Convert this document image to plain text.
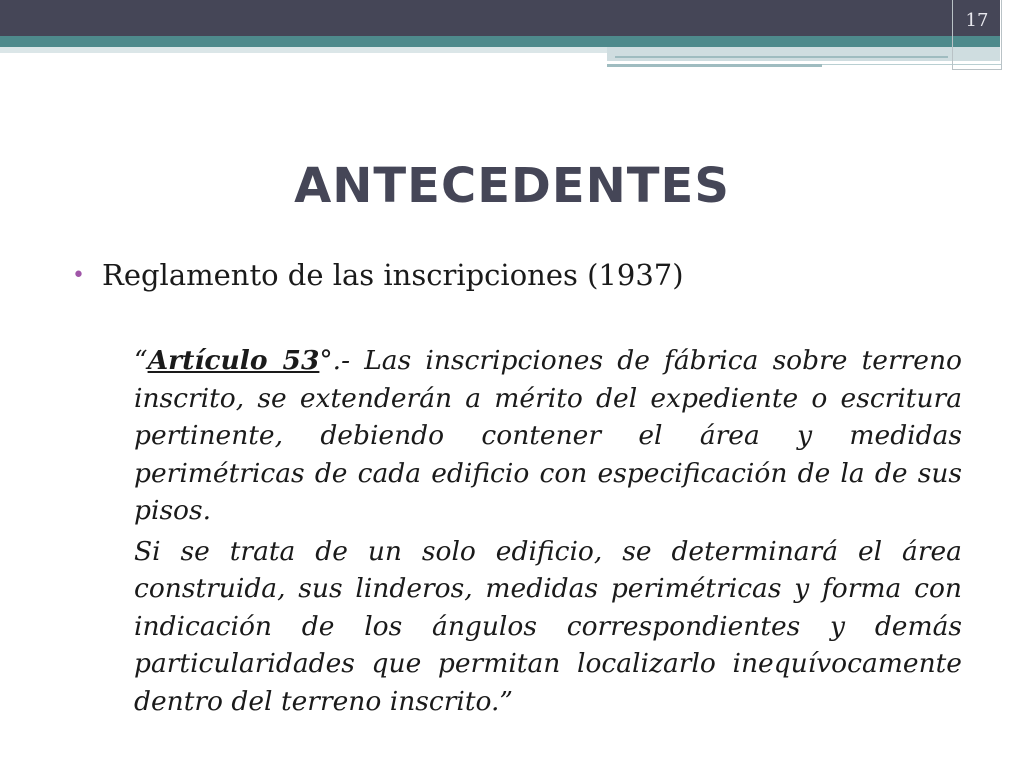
17
ANTECEDENTES
• Reglamento de las inscripciones (1937)

“Artículo 53°.- Las inscripciones de fábrica sobre terreno inscrito, se extenderán a mérito del expediente o escritura pertinente, debiendo contener el área y medidas perimétricas de cada edificio con especificación de la de sus pisos.

Si se trata de un solo edificio, se determinará el área construida, sus linderos, medidas perimétricas y forma con indicación de los ángulos correspondientes y demás particularidades que permitan localizarlo inequívocamente dentro del terreno inscrito.”
